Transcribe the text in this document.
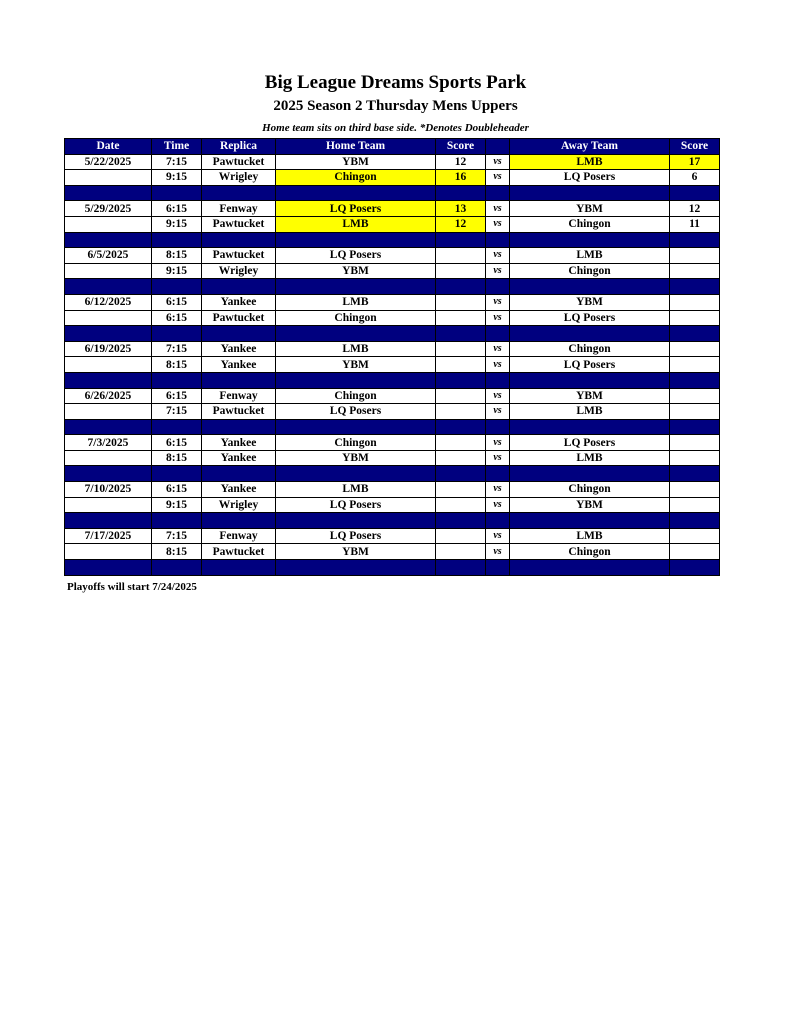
Big League Dreams Sports Park
2025 Season 2 Thursday Mens Uppers
Home team sits on third base side. *Denotes Doubleheader
Date	Time	Replica	Home Team	Score		Away Team	Score
5/22/2025	7:15	Pawtucket	YBM	12	vs	LMB	17
	9:15	Wrigley	Chingon	16	vs	LQ Posers	6

5/29/2025	6:15	Fenway	LQ Posers	13	vs	YBM	12
	9:15	Pawtucket	LMB	12	vs	Chingon	11

6/5/2025	8:15	Pawtucket	LQ Posers		vs	LMB	
	9:15	Wrigley	YBM		vs	Chingon	

6/12/2025	6:15	Yankee	LMB		vs	YBM	
	6:15	Pawtucket	Chingon		vs	LQ Posers	

6/19/2025	7:15	Yankee	LMB		vs	Chingon	
	8:15	Yankee	YBM		vs	LQ Posers	

6/26/2025	6:15	Fenway	Chingon		vs	YBM	
	7:15	Pawtucket	LQ Posers		vs	LMB	

7/3/2025	6:15	Yankee	Chingon		vs	LQ Posers	
	8:15	Yankee	YBM		vs	LMB	

7/10/2025	6:15	Yankee	LMB		vs	Chingon	
	9:15	Wrigley	LQ Posers		vs	YBM	

7/17/2025	7:15	Fenway	LQ Posers		vs	LMB	
	8:15	Pawtucket	YBM		vs	Chingon	

Playoffs will start 7/24/2025
